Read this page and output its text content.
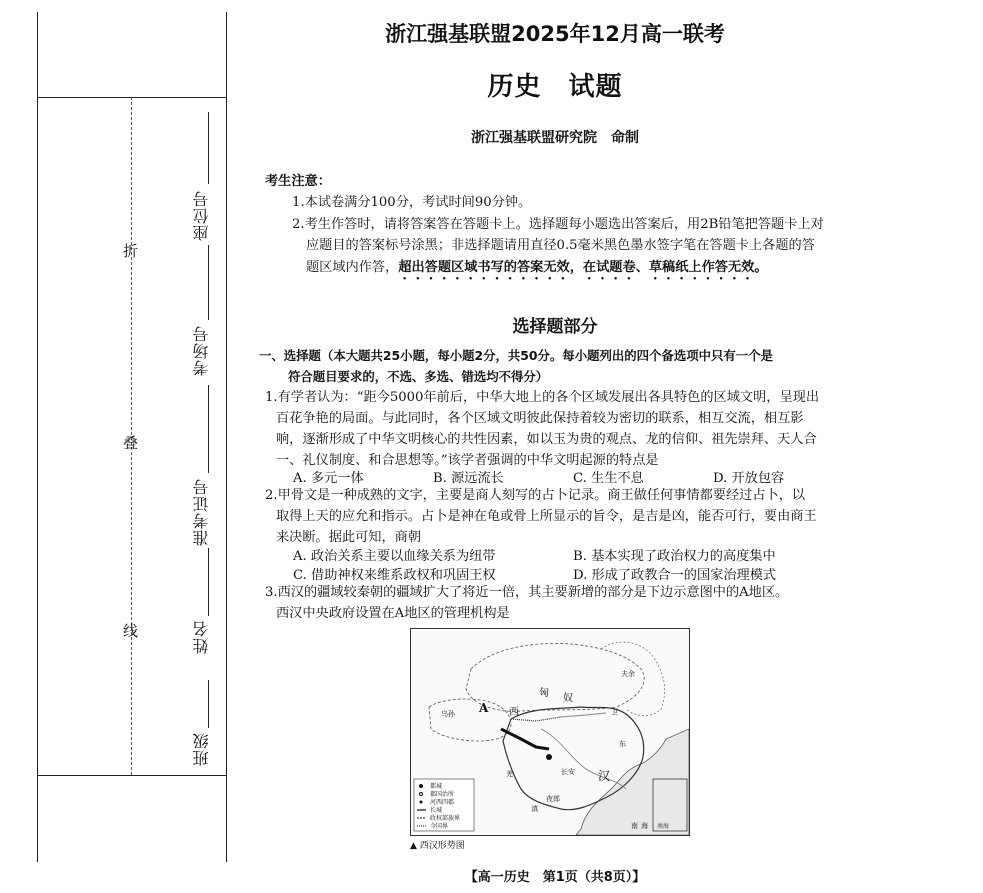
折
叠
线
座位号
考场号
准考证号
姓名
班级
浙江强基联盟2025年12月高一联考
历史　试题
浙江强基联盟研究院　命制
考生注意：
1.本试卷满分100分，考试时间90分钟。
2.考生作答时，请将答案答在答题卡上。选择题每小题选出答案后，用2B铅笔把答题卡上对
应题目的答案标号涂黑；非选择题请用直径0.5毫米黑色墨水签字笔在答题卡上各题的答
题区域内作答，超出答题区域书写的答案无效，在试题卷、草稿纸上作答无效。
选择题部分
一、选择题（本大题共25小题，每小题2分，共50分。每小题列出的四个备选项中只有一个是
符合题目要求的，不选、多选、错选均不得分）
1.有学者认为：“距今5000年前后，中华大地上的各个区域发展出各具特色的区域文明，呈现出
百花争艳的局面。与此同时，各个区域文明彼此保持着较为密切的联系，相互交流，相互影
响，逐渐形成了中华文明核心的共性因素，如以玉为贵的观点、龙的信仰、祖先崇拜、天人合
一、礼仪制度、和合思想等。”该学者强调的中华文明起源的特点是
A. 多元一体	B. 源远流长	C. 生生不息	D. 开放包容
2.甲骨文是一种成熟的文字，主要是商人刻写的占卜记录。商王做任何事情都要经过占卜，以
取得上天的应允和指示。占卜是神在龟或骨上所显示的旨令，是吉是凶，能否可行，要由商王
来决断。据此可知，商朝
A. 政治关系主要以血缘关系为纽带	B. 基本实现了政治权力的高度集中
C. 借助神权来维系政权和巩固王权	D. 形成了政教合一的国家治理模式
3.西汉的疆域较秦朝的疆域扩大了将近一倍，其主要新增的部分是下边示意图中的A地区。
西汉中央政府设置在A地区的管理机构是
A 西
匈 奴
汉
长安
乌孙
夫余
卫
南 海
东
羌
滇
夜郎
南海
都城
郡国治所
河西四郡
长城
政权部族界
今国界
▲ 西汉形势图
【高一历史　第1页（共8页）】
